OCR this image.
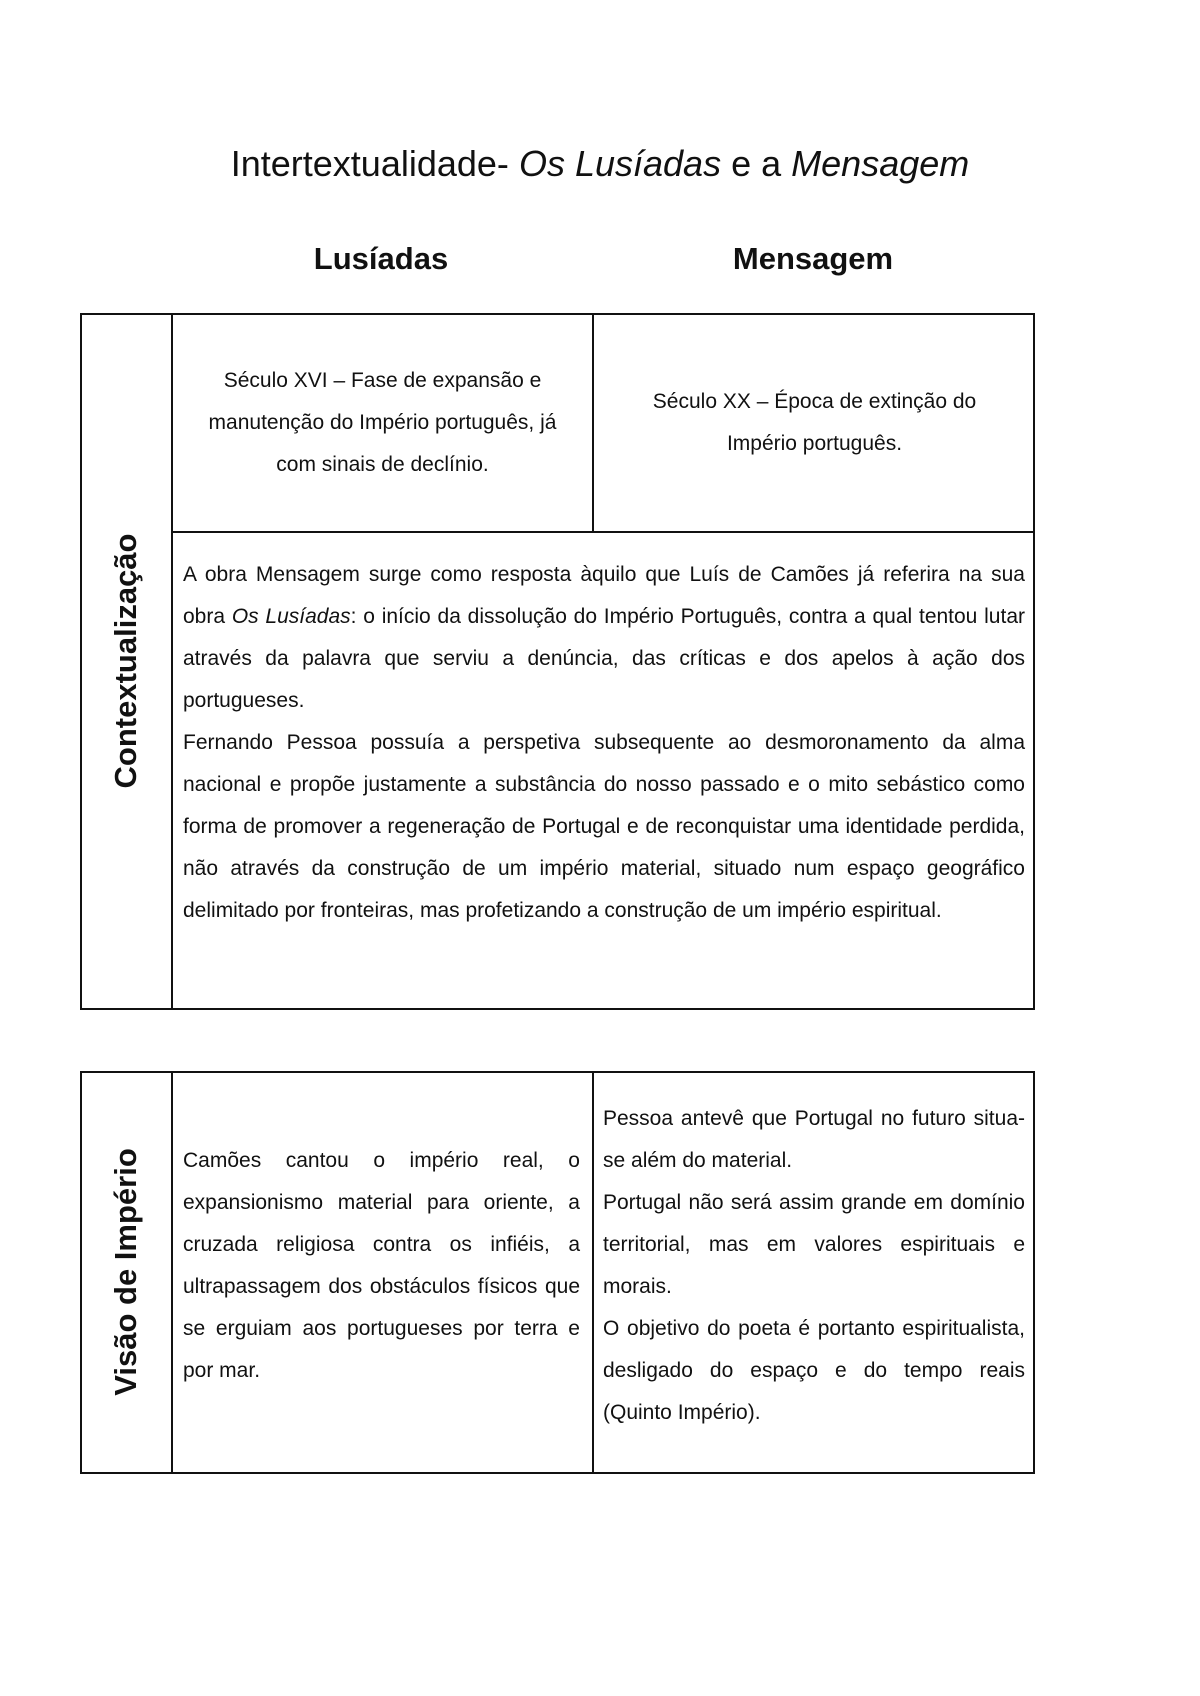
Intertextualidade- Os Lusíadas e a Mensagem
Lusíadas	Mensagem
Contextualização

Século XVI – Fase de expansão e manutenção do Império português, já com sinais de declínio.

Século XX – Época de extinção do Império português.

A obra Mensagem surge como resposta àquilo que Luís de Camões já referira na sua obra Os Lusíadas: o início da dissolução do Império Português, contra a qual tentou lutar através da palavra que serviu a denúncia, das críticas e dos apelos à ação dos portugueses.

Fernando Pessoa possuía a perspetiva subsequente ao desmoronamento da alma nacional e propõe justamente a substância do nosso passado e o mito sebástico como forma de promover a regeneração de Portugal e de reconquistar uma identidade perdida, não através da construção de um império material, situado num espaço geográfico delimitado por fronteiras, mas profetizando a construção de um império espiritual.

Visão de Império Camões cantou o império real, o expansionismo material para oriente, a cruzada religiosa contra os infiéis, a ultrapassagem dos obstáculos físicos que se erguiam aos portugueses por terra e por mar.

Pessoa antevê que Portugal no futuro situa-se além do material.

Portugal não será assim grande em domínio territorial, mas em valores espirituais e morais.

O objetivo do poeta é portanto espiritualista, desligado do espaço e do tempo reais (Quinto Império).
